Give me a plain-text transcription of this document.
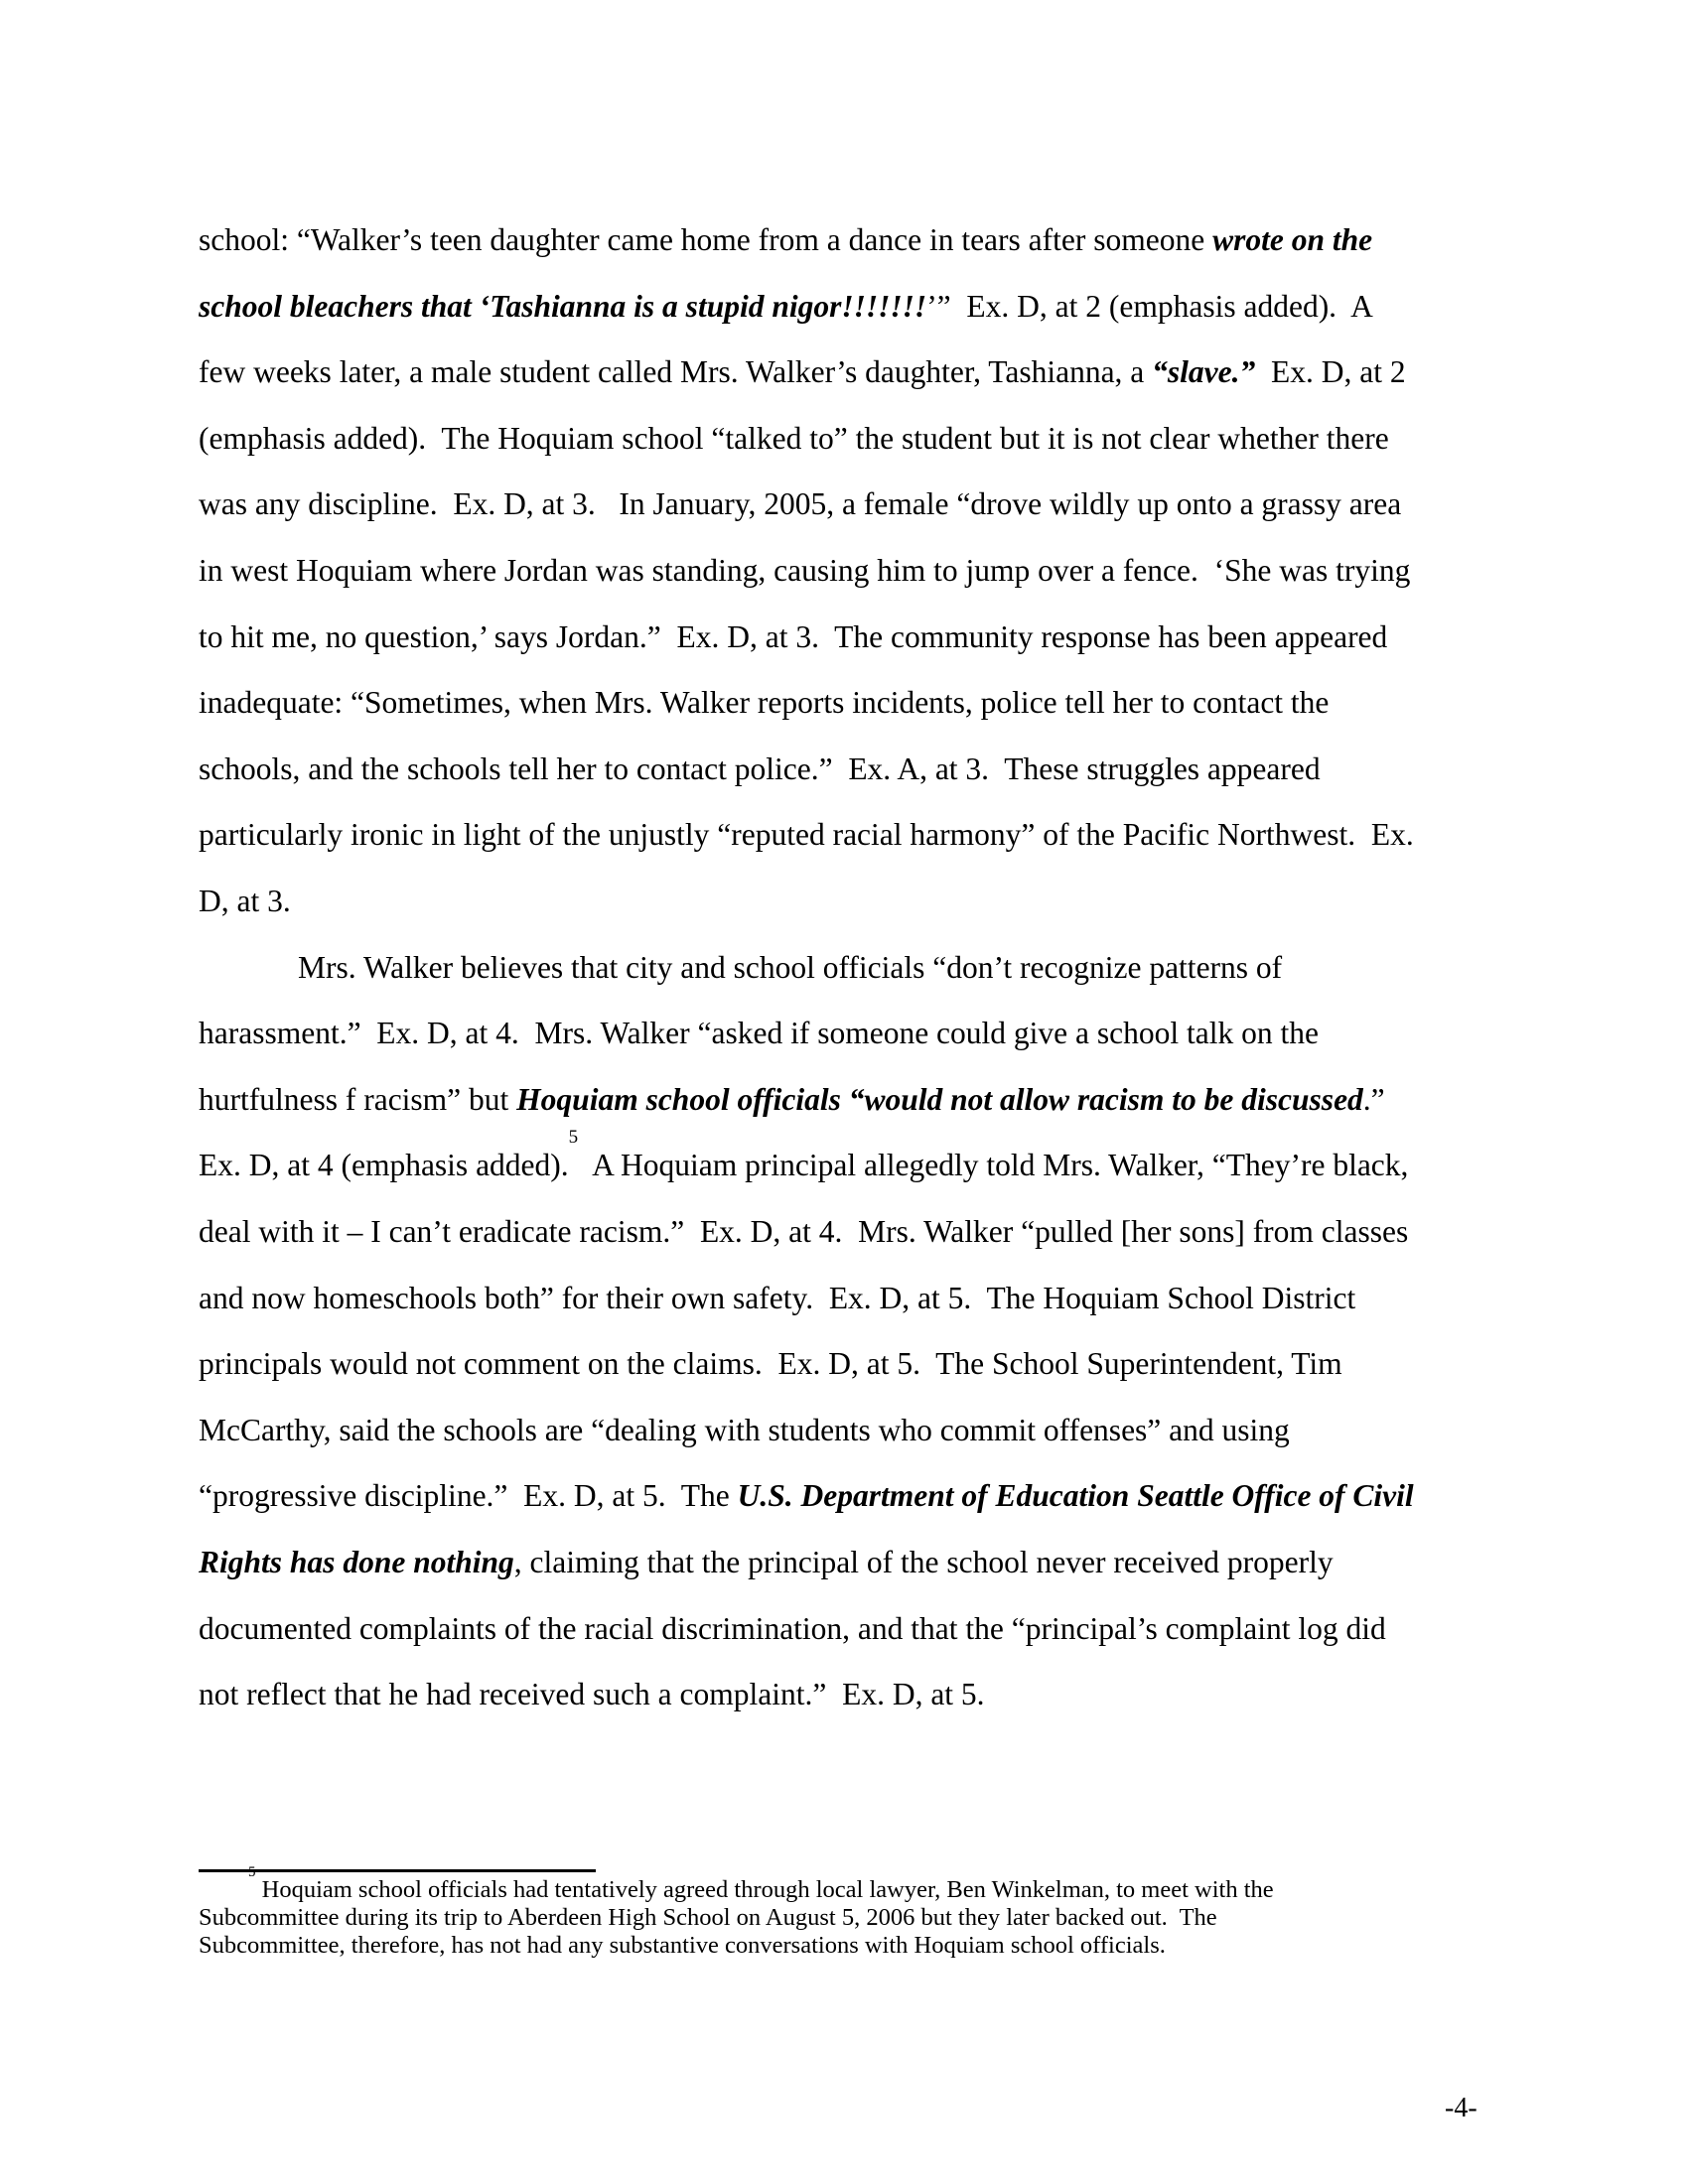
school: “Walker’s teen daughter came home from a dance in tears after someone wrote on the
school bleachers that ‘Tashianna is a stupid nigor!!!!!!!’”  Ex. D, at 2 (emphasis added).  A
few weeks later, a male student called Mrs. Walker’s daughter, Tashianna, a “slave.”  Ex. D, at 2
(emphasis added).  The Hoquiam school “talked to” the student but it is not clear whether there
was any discipline.  Ex. D, at 3.   In January, 2005, a female “drove wildly up onto a grassy area
in west Hoquiam where Jordan was standing, causing him to jump over a fence.  ‘She was trying
to hit me, no question,’ says Jordan.”  Ex. D, at 3.  The community response has been appeared
inadequate: “Sometimes, when Mrs. Walker reports incidents, police tell her to contact the
schools, and the schools tell her to contact police.”  Ex. A, at 3.  These struggles appeared
particularly ironic in light of the unjustly “reputed racial harmony” of the Pacific Northwest.  Ex.
D, at 3.
Mrs. Walker believes that city and school officials “don’t recognize patterns of
harassment.”  Ex. D, at 4.  Mrs. Walker “asked if someone could give a school talk on the
hurtfulness f racism” but Hoquiam school officials “would not allow racism to be discussed.”
Ex. D, at 4 (emphasis added).$^5$  A Hoquiam principal allegedly told Mrs. Walker, “They’re black,
deal with it – I can’t eradicate racism.”  Ex. D, at 4.  Mrs. Walker “pulled [her sons] from classes
and now homeschools both” for their own safety.  Ex. D, at 5.  The Hoquiam School District
principals would not comment on the claims.  Ex. D, at 5.  The School Superintendent, Tim
McCarthy, said the schools are “dealing with students who commit offenses” and using
“progressive discipline.”  Ex. D, at 5.  The U.S. Department of Education Seattle Office of Civil
Rights has done nothing, claiming that the principal of the school never received properly
documented complaints of the racial discrimination, and that the “principal’s complaint log did
not reflect that he had received such a complaint.”  Ex. D, at 5.
$^5$ Hoquiam school officials had tentatively agreed through local lawyer, Ben Winkelman, to meet with the
Subcommittee during its trip to Aberdeen High School on August 5, 2006 but they later backed out.  The
Subcommittee, therefore, has not had any substantive conversations with Hoquiam school officials.
-4-
